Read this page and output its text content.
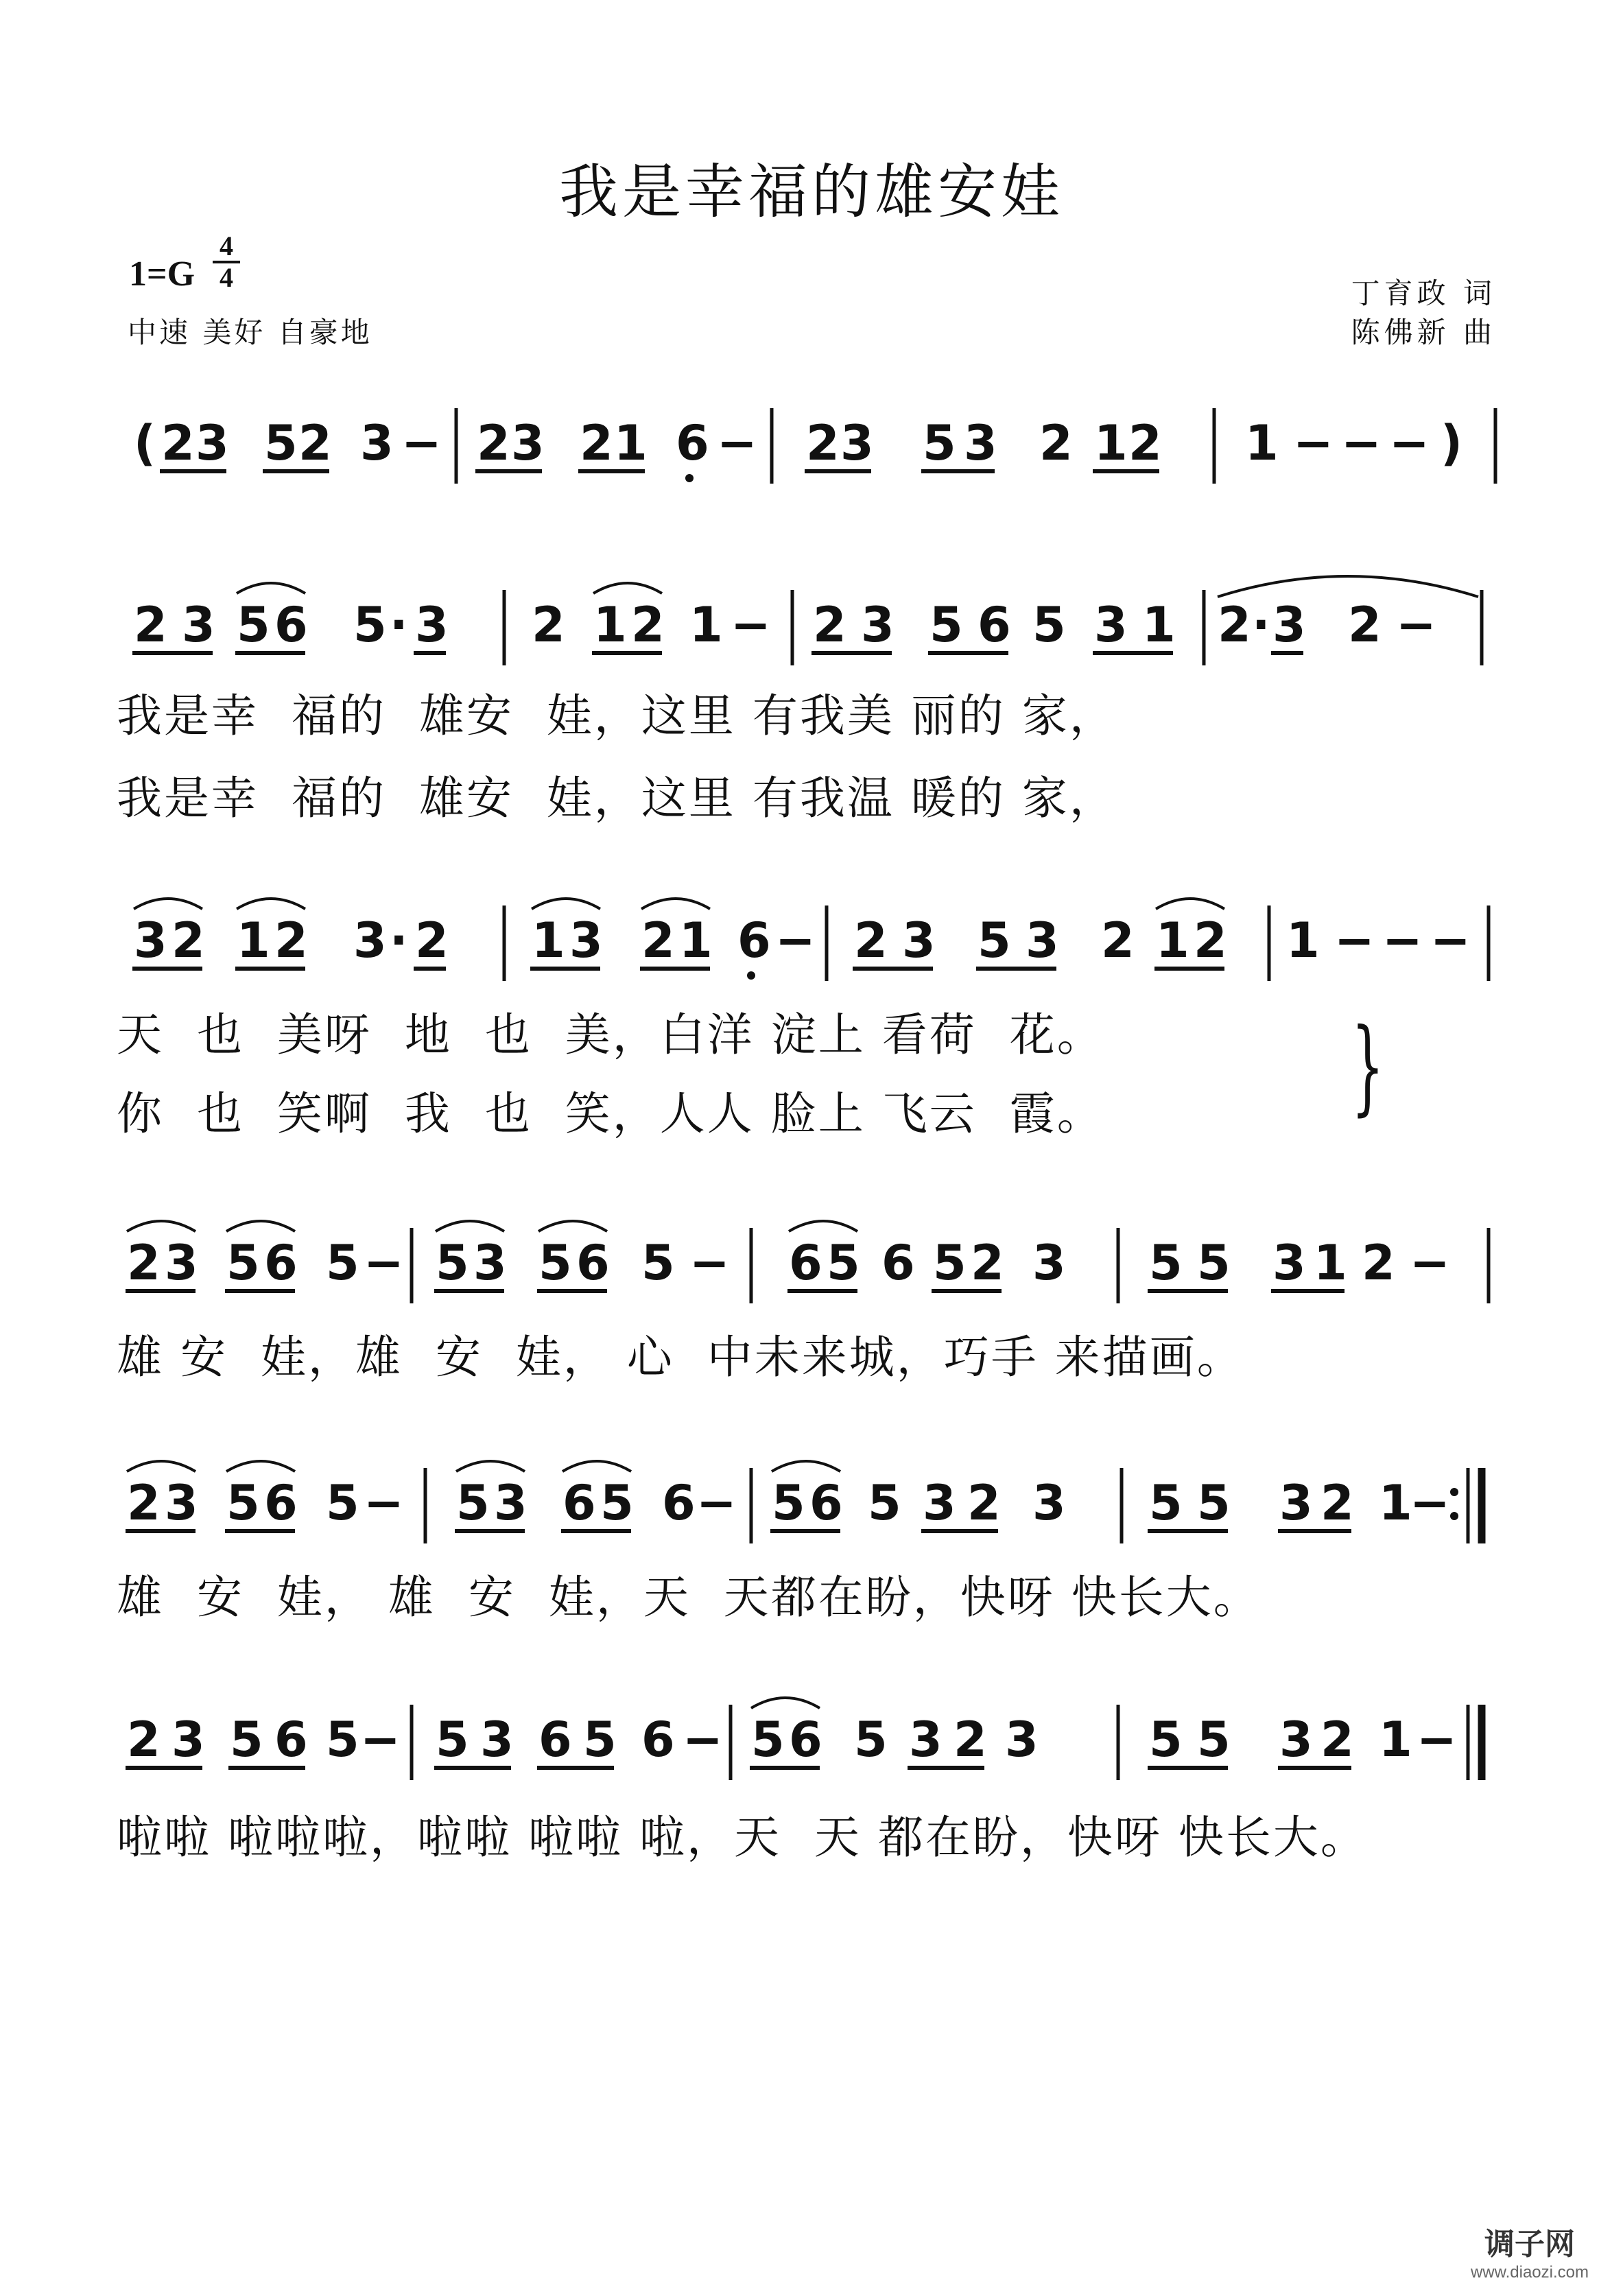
我是幸福的雄安娃
1=G
4
4
中速 美好 自豪地
丁育政 词
陈佛新 曲
( 2 3 5 2 3 − 2 3 2 1 6 − 2 3 5 3 2 1 2 1 − − − )
2 3 5 6 5 · 3 2 1 2 1 − 2 3 5 6 5 3 1 2 · 3 2 −
我是幸  福的  雄安  娃，这里 有我美 丽的 家，
我是幸  福的  雄安  娃，这里 有我温 暖的 家，
3 2 1 2 3 · 2 1 3 2 1 6 − 2 3 5 3 2 1 2 1 − − −
天  也  美呀  地  也  美，白洋 淀上 看荷  花。
你  也  笑啊  我  也  笑，人人 脸上 飞云  霞。 }
2 3 5 6 5 − 5 3 5 6 5 − 6 5 6 5 2 3 5 5 3 1 2 −
雄 安  娃，雄  安  娃， 心  中未来城，巧手 来描画。
2 3 5 6 5 − 5 3 6 5 6 − 5 6 5 3 2 3 5 5 3 2 1
−
雄  安  娃， 雄  安  娃，天  天都在盼，快呀 快长大。
2 3 5 6 5 − 5 3 6 5 6 − 5 6 5 3 2 3 5 5 3 2 1 −
啦啦 啦啦啦，啦啦 啦啦 啦，天  天 都在盼，快呀 快长大。
调子网
www.diaozi.com
